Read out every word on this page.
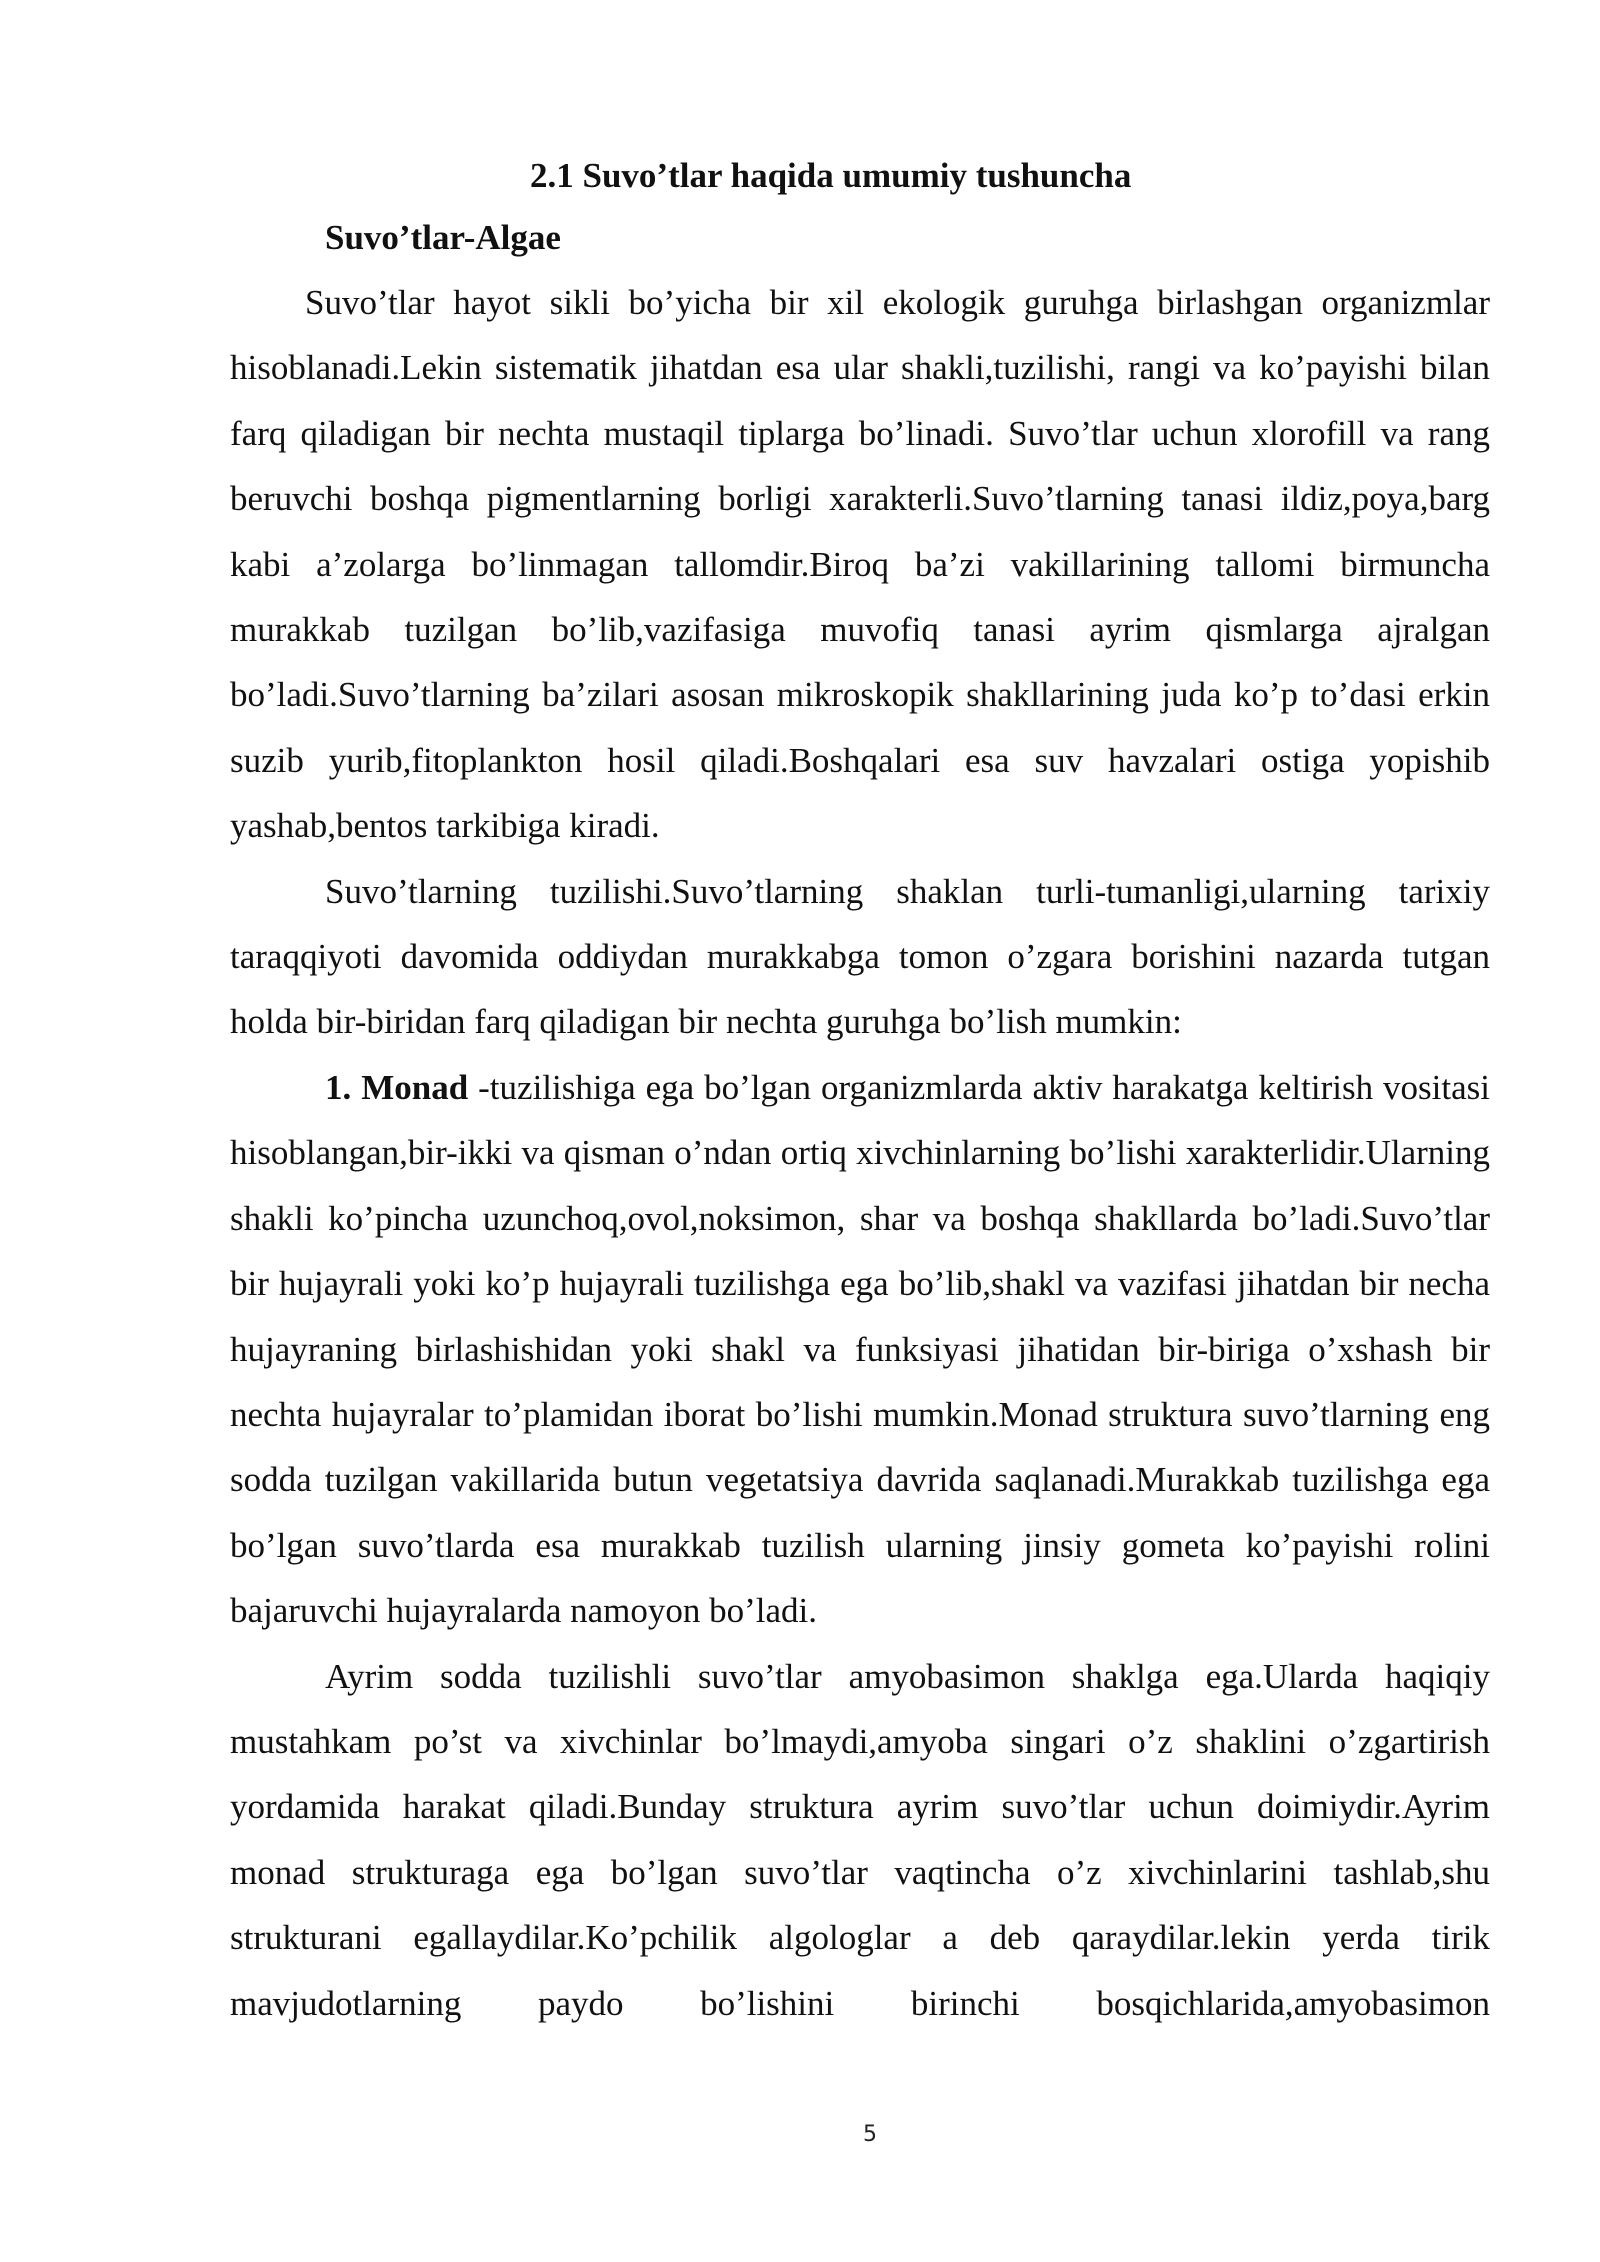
2.1 Suvo’tlar haqida umumiy tushuncha
Suvo’tlar-Algae

Suvo’tlar hayot sikli bo’yicha bir xil ekologik guruhga birlashgan organizmlar hisoblanadi.Lekin sistematik jihatdan esa ular shakli,tuzilishi, rangi va ko’payishi bilan farq qiladigan bir nechta mustaqil tiplarga bo’linadi. Suvo’tlar uchun xlorofill va rang beruvchi boshqa pigmentlarning borligi xarakterli.Suvo’tlarning tanasi ildiz,poya,barg kabi a’zolarga bo’linmagan tallomdir.Biroq ba’zi vakillarining tallomi birmuncha murakkab tuzilgan bo’lib,vazifasiga muvofiq tanasi ayrim qismlarga ajralgan bo’ladi.Suvo’tlarning ba’zilari asosan mikroskopik shakllarining juda ko’p to’dasi erkin suzib yurib,fitoplankton hosil qiladi.Boshqalari esa suv havzalari ostiga yopishib yashab,bentos tarkibiga kiradi.

Suvo’tlarning tuzilishi.Suvo’tlarning shaklan turli-tumanligi,ularning tarixiy taraqqiyoti davomida oddiydan murakkabga tomon o’zgara borishini nazarda tutgan holda bir-biridan farq qiladigan bir nechta guruhga bo’lish mumkin:

1. Monad -tuzilishiga ega bo’lgan organizmlarda aktiv harakatga keltirish vositasi hisoblangan,bir-ikki va qisman o’ndan ortiq xivchinlarning bo’lishi xarakterlidir.Ularning shakli ko’pincha uzunchoq,ovol,noksimon, shar va boshqa shakllarda bo’ladi.Suvo’tlar bir hujayrali yoki ko’p hujayrali tuzilishga ega bo’lib,shakl va vazifasi jihatdan bir necha hujayraning birlashishidan yoki shakl va funksiyasi jihatidan bir-biriga o’xshash bir nechta hujayralar to’plamidan iborat bo’lishi mumkin.Monad struktura suvo’tlarning eng sodda tuzilgan vakillarida butun vegetatsiya davrida saqlanadi.Murakkab tuzilishga ega bo’lgan suvo’tlarda esa murakkab tuzilish ularning jinsiy gometa ko’payishi rolini bajaruvchi hujayralarda namoyon bo’ladi.

Ayrim sodda tuzilishli suvo’tlar amyobasimon shaklga ega.Ularda haqiqiy mustahkam po’st va xivchinlar bo’lmaydi,amyoba singari o’z shaklini o’zgartirish yordamida harakat qiladi.Bunday struktura ayrim suvo’tlar uchun doimiydir.Ayrim monad strukturaga ega bo’lgan suvo’tlar vaqtincha o’z xivchinlarini tashlab,shu strukturani egallaydilar.Ko’pchilik algologlar a deb qaraydilar.lekin yerda tirik mavjudotlarning paydo bo’lishini birinchi bosqichlarida,amyobasimon

5
